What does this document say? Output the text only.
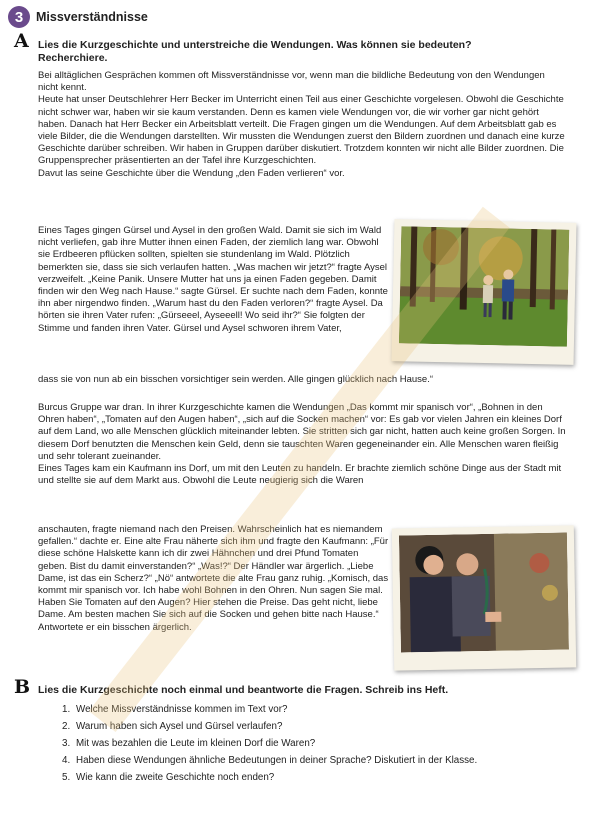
3	Missverständnisse
A Lies die Kurzgeschichte und unterstreiche die Wendungen. Was können sie bedeuten? Recherchiere.

Bei alltäglichen Gesprächen kommen oft Missverständnisse vor, wenn man die bildliche Bedeutung von den Wendungen nicht kennt.

Heute hat unser Deutschlehrer Herr Becker im Unterricht einen Teil aus einer Geschichte vorgelesen. Obwohl die Geschichte nicht schwer war, haben wir sie kaum verstanden. Denn es kamen viele Wendungen vor, die wir vorher gar nicht gehört haben. Danach hat Herr Becker ein Arbeitsblatt verteilt. Die Fragen gingen um die Wendungen. Auf dem Arbeitsblatt gab es viele Bilder, die die Wendungen darstellten. Wir mussten die Wendungen zuerst den Bildern zuordnen und danach eine kurze Geschichte darüber schreiben. Wir haben in Gruppen darüber diskutiert. Trotzdem konnten wir nicht alle Bilder zuordnen. Die Gruppensprecher präsentierten an der Tafel ihre Kurzgeschichten.

Davut las seine Geschichte über die Wendung „den Faden verlieren“ vor.

Eines Tages gingen Gürsel und Aysel in den großen Wald. Damit sie sich im Wald nicht verliefen, gab ihre Mutter ihnen einen Faden, der ziemlich lang war. Obwohl sie Erdbeeren pflücken sollten, spielten sie stundenlang im Wald. Plötzlich bemerkten sie, dass sie sich verlaufen hatten. „Was machen wir jetzt?“ fragte Aysel verzweifelt. „Keine Panik. Unsere Mutter hat uns ja einen Faden gegeben. Damit finden wir den Weg nach Hause.“ sagte Gürsel. Er suchte nach dem Faden, konnte ihn aber nirgendwo finden. „Warum hast du den Faden verloren?“ fragte Aysel. Da hörten sie ihren Vater rufen: „Gürseeel, Ayseeell! Wo seid ihr?“ Sie folgten der Stimme und fanden ihren Vater. Gürsel und Aysel schworen ihrem Vater,

dass sie von nun ab ein bisschen vorsichtiger sein werden. Alle gingen glücklich nach Hause.“

Burcus Gruppe war dran. In ihrer Kurzgeschichte kamen die Wendungen „Das kommt mir spanisch vor“, „Bohnen in den Ohren haben“, „Tomaten auf den Augen haben“, „sich auf die Socken machen“ vor: Es gab vor vielen Jahren ein kleines Dorf auf dem Land, wo alle Menschen glücklich miteinander lebten. Sie stritten sich gar nicht, hatten auch keine großen Sorgen. In diesem Dorf benutzten die Menschen kein Geld, denn sie tauschten Waren gegeneinander ein. Alle Menschen waren fleißig und sehr tolerant zueinander.

Eines Tages kam ein Kaufmann ins Dorf, um mit den Leuten zu handeln. Er brachte ziemlich schöne Dinge aus der Stadt mit und stellte sie auf dem Markt aus. Obwohl die Leute neugierig sich die Waren

anschauten, fragte niemand nach den Preisen. Wahrscheinlich hat es niemandem gefallen.“ dachte er. Eine alte Frau näherte sich ihm und fragte den Kaufmann: „Für diese schöne Halskette kann ich dir zwei Hähnchen und drei Pfund Tomaten geben. Bist du damit einverstanden?“ „Was!?“ Der Händler war ärgerlich. „Liebe Dame, ist das ein Scherz?“ „Nö“ antwortete die alte Frau ganz ruhig. „Komisch, das kommt mir spanisch vor. Ich habe wohl Bohnen in den Ohren. Nun sagen Sie mal. Haben Sie Tomaten auf den Augen? Hier stehen die Preise. Das geht nicht, liebe Dame. Am besten machen Sie sich auf die Socken und gehen bitte nach Hause.“ Antwortete er ein bisschen ärgerlich.

B Lies die Kurzgeschichte noch einmal und beantworte die Fragen. Schreib ins Heft.
1. Welche Missverständnisse kommen im Text vor?
2. Warum haben sich Aysel und Gürsel verlaufen?
3. Mit was bezahlen die Leute im kleinen Dorf die Waren?
4. Haben diese Wendungen ähnliche Bedeutungen in deiner Sprache? Diskutiert in der Klasse.
5. Wie kann die zweite Geschichte noch enden?
